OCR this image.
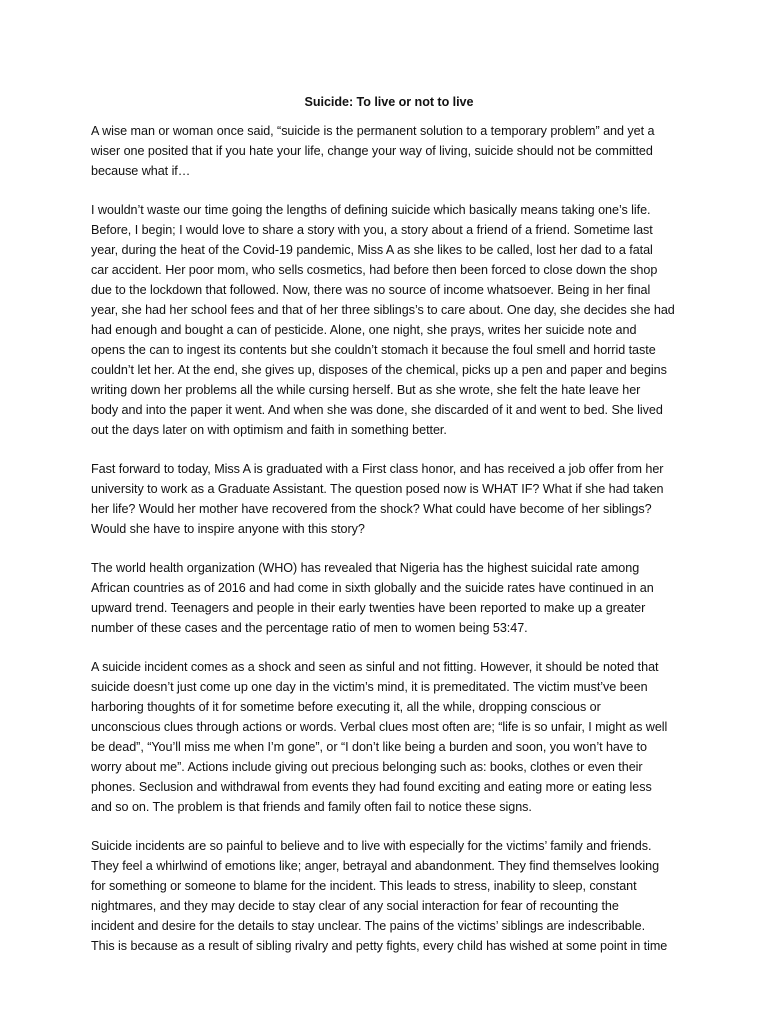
Suicide: To live or not to live
A wise man or woman once said, “suicide is the permanent solution to a temporary problem” and yet a
wiser one posited that if you hate your life, change your way of living, suicide should not be committed
because what if…
I wouldn’t waste our time going the lengths of defining suicide which basically means taking one’s life.
Before, I begin; I would love to share a story with you, a story about a friend of a friend. Sometime last
year, during the heat of the Covid-19 pandemic, Miss A as she likes to be called, lost her dad to a fatal
car accident. Her poor mom, who sells cosmetics, had before then been forced to close down the shop
due to the lockdown that followed. Now, there was no source of income whatsoever. Being in her final
year, she had her school fees and that of her three siblings’s to care about. One day, she decides she had
had enough and bought a can of pesticide. Alone, one night, she prays, writes her suicide note and
opens the can to ingest its contents but she couldn’t stomach it because the foul smell and horrid taste
couldn’t let her. At the end, she gives up, disposes of the chemical, picks up a pen and paper and begins
writing down her problems all the while cursing herself. But as she wrote, she felt the hate leave her
body and into the paper it went. And when she was done, she discarded of it and went to bed. She lived
out the days later on with optimism and faith in something better.
Fast forward to today, Miss A is graduated with a First class honor, and has received a job offer from her
university to work as a Graduate Assistant. The question posed now is WHAT IF? What if she had taken
her life? Would her mother have recovered from the shock? What could have become of her siblings?
Would she have to inspire anyone with this story?
The world health organization (WHO) has revealed that Nigeria has the highest suicidal rate among
African countries as of 2016 and had come in sixth globally and the suicide rates have continued in an
upward trend. Teenagers and people in their early twenties have been reported to make up a greater
number of these cases and the percentage ratio of men to women being 53:47.
A suicide incident comes as a shock and seen as sinful and not fitting. However, it should be noted that
suicide doesn’t just come up one day in the victim’s mind, it is premeditated. The victim must’ve been
harboring thoughts of it for sometime before executing it, all the while, dropping conscious or
unconscious clues through actions or words. Verbal clues most often are; “life is so unfair, I might as well
be dead”, “You’ll miss me when I’m gone”, or “I don’t like being a burden and soon, you won’t have to
worry about me”. Actions include giving out precious belonging such as: books, clothes or even their
phones. Seclusion and withdrawal from events they had found exciting and eating more or eating less
and so on. The problem is that friends and family often fail to notice these signs.
Suicide incidents are so painful to believe and to live with especially for the victims’ family and friends.
They feel a whirlwind of emotions like; anger, betrayal and abandonment. They find themselves looking
for something or someone to blame for the incident. This leads to stress, inability to sleep, constant
nightmares, and they may decide to stay clear of any social interaction for fear of recounting the
incident and desire for the details to stay unclear. The pains of the victims’ siblings are indescribable.
This is because as a result of sibling rivalry and petty fights, every child has wished at some point in time
